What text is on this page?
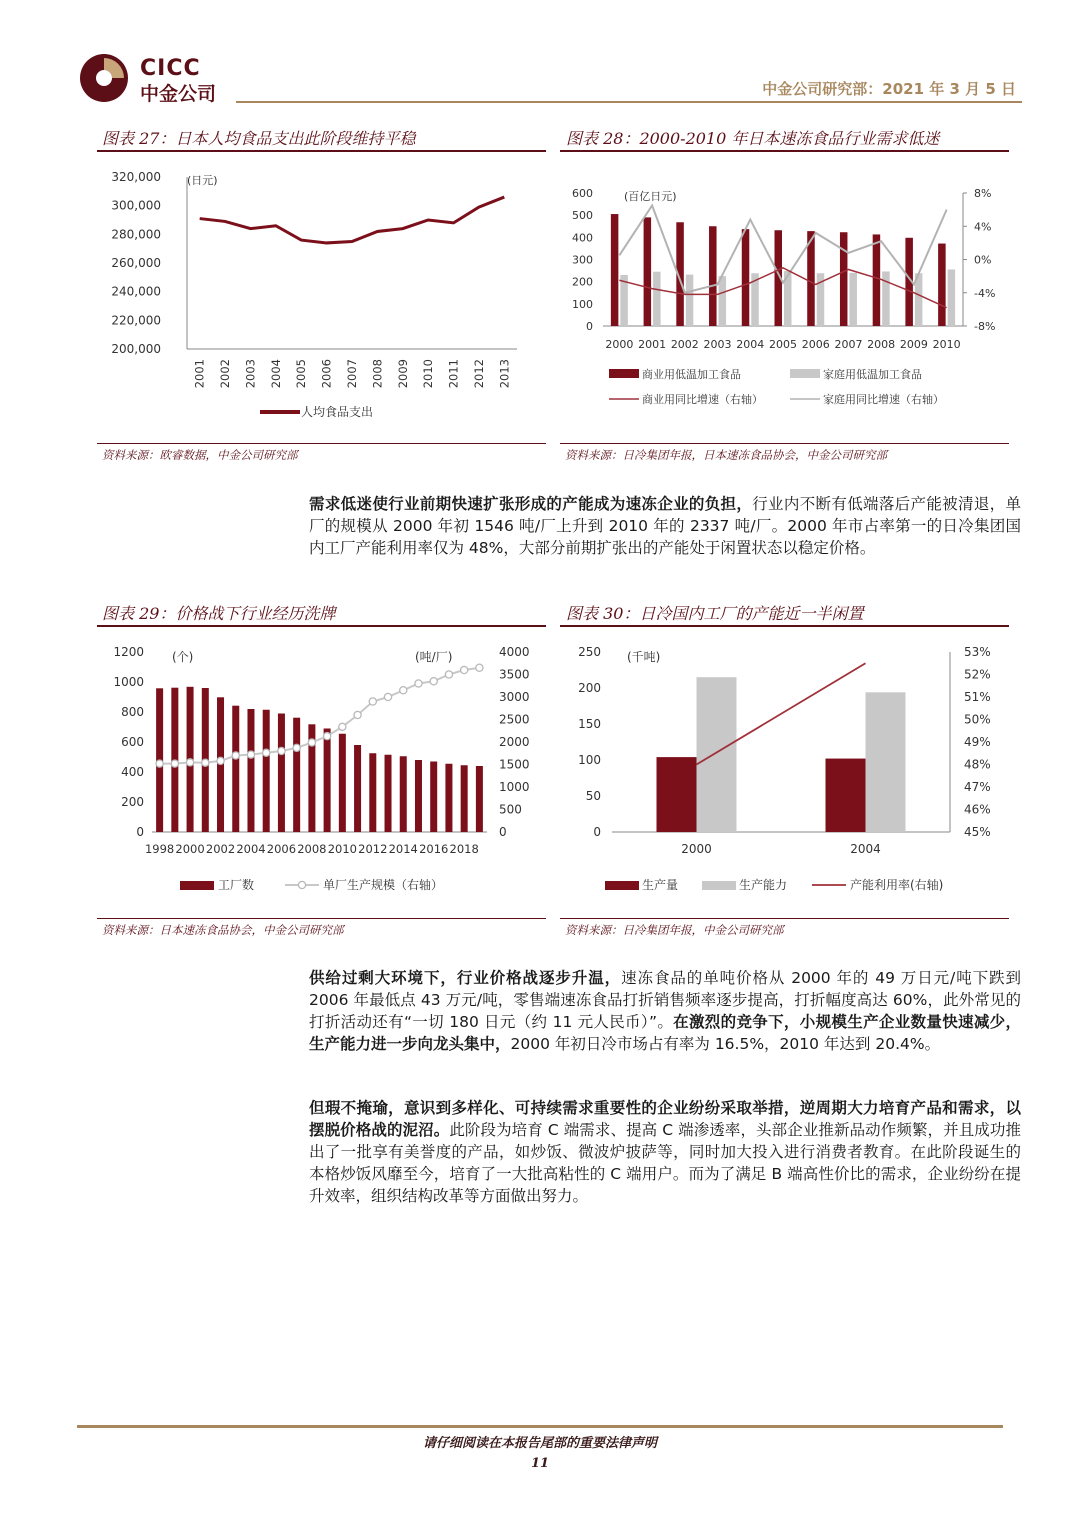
CICC
中金公司	中金公司研究部：2021 年 3 月 5 日
图表 27：日本人均食品支出此阶段维持平稳	图表 28：2000-2010 年日本速冻食品行业需求低迷
320,000
300,000
280,000
260,000
240,000
220,000
200,000
(日元)
2001 2002 2003 2004 2005 2006 2007 2008 2009 2010 2011 2012 2013
人均食品支出
600
500
400
300
200
100
0
8%
4%
0%
-4%
-8%
(百亿日元)
2000 2001 2002 2003 2004 2005 2006 2007 2008 2009 2010
商业用低温加工食品	家庭用低温加工食品
商业用同比增速（右轴）	家庭用同比增速（右轴）
资料来源：欧睿数据，中金公司研究部	资料来源：日冷集团年报，日本速冻食品协会，中金公司研究部
需求低迷使行业前期快速扩张形成的产能成为速冻企业的负担，行业内不断有低端落后产能被清退，单厂的规模从 2000 年初 1546 吨/厂上升到 2010 年的 2337 吨/厂。2000 年市占率第一的日冷集团国内工厂产能利用率仅为 48%，大部分前期扩张出的产能处于闲置状态以稳定价格。
图表 29：价格战下行业经历洗牌	图表 30：日冷国内工厂的产能近一半闲置
1200
1000
800
600
400
200
0
4000
3500
3000
2500
2000
1500
1000
500
0
(个)	(吨/厂)
1998 2000 2002 2004 2006 2008 2010 2012 2014 2016 2018
工厂数	单厂生产规模（右轴）
250
200
150
100
50
0
53%
52%
51%
50%
49%
48%
47%
46%
45%
(千吨)
2000	2004
生产量	生产能力	产能利用率(右轴)
资料来源：日本速冻食品协会，中金公司研究部	资料来源：日冷集团年报，中金公司研究部
供给过剩大环境下，行业价格战逐步升温，速冻食品的单吨价格从 2000 年的 49 万日元/吨下跌到 2006 年最低点 43 万元/吨，零售端速冻食品打折销售频率逐步提高，打折幅度高达 60%，此外常见的打折活动还有“一切 180 日元（约 11 元人民币）”。在激烈的竞争下，小规模生产企业数量快速减少，生产能力进一步向龙头集中，2000 年初日冷市场占有率为 16.5%，2010 年达到 20.4%。
但瑕不掩瑜，意识到多样化、可持续需求重要性的企业纷纷采取举措，逆周期大力培育产品和需求，以摆脱价格战的泥沼。此阶段为培育 C 端需求、提高 C 端渗透率，头部企业推新品动作频繁，并且成功推出了一批享有美誉度的产品，如炒饭、微波炉披萨等，同时加大投入进行消费者教育。在此阶段诞生的本格炒饭风靡至今，培育了一大批高粘性的 C 端用户。而为了满足 B 端高性价比的需求，企业纷纷在提升效率，组织结构改革等方面做出努力。
请仔细阅读在本报告尾部的重要法律声明
11
